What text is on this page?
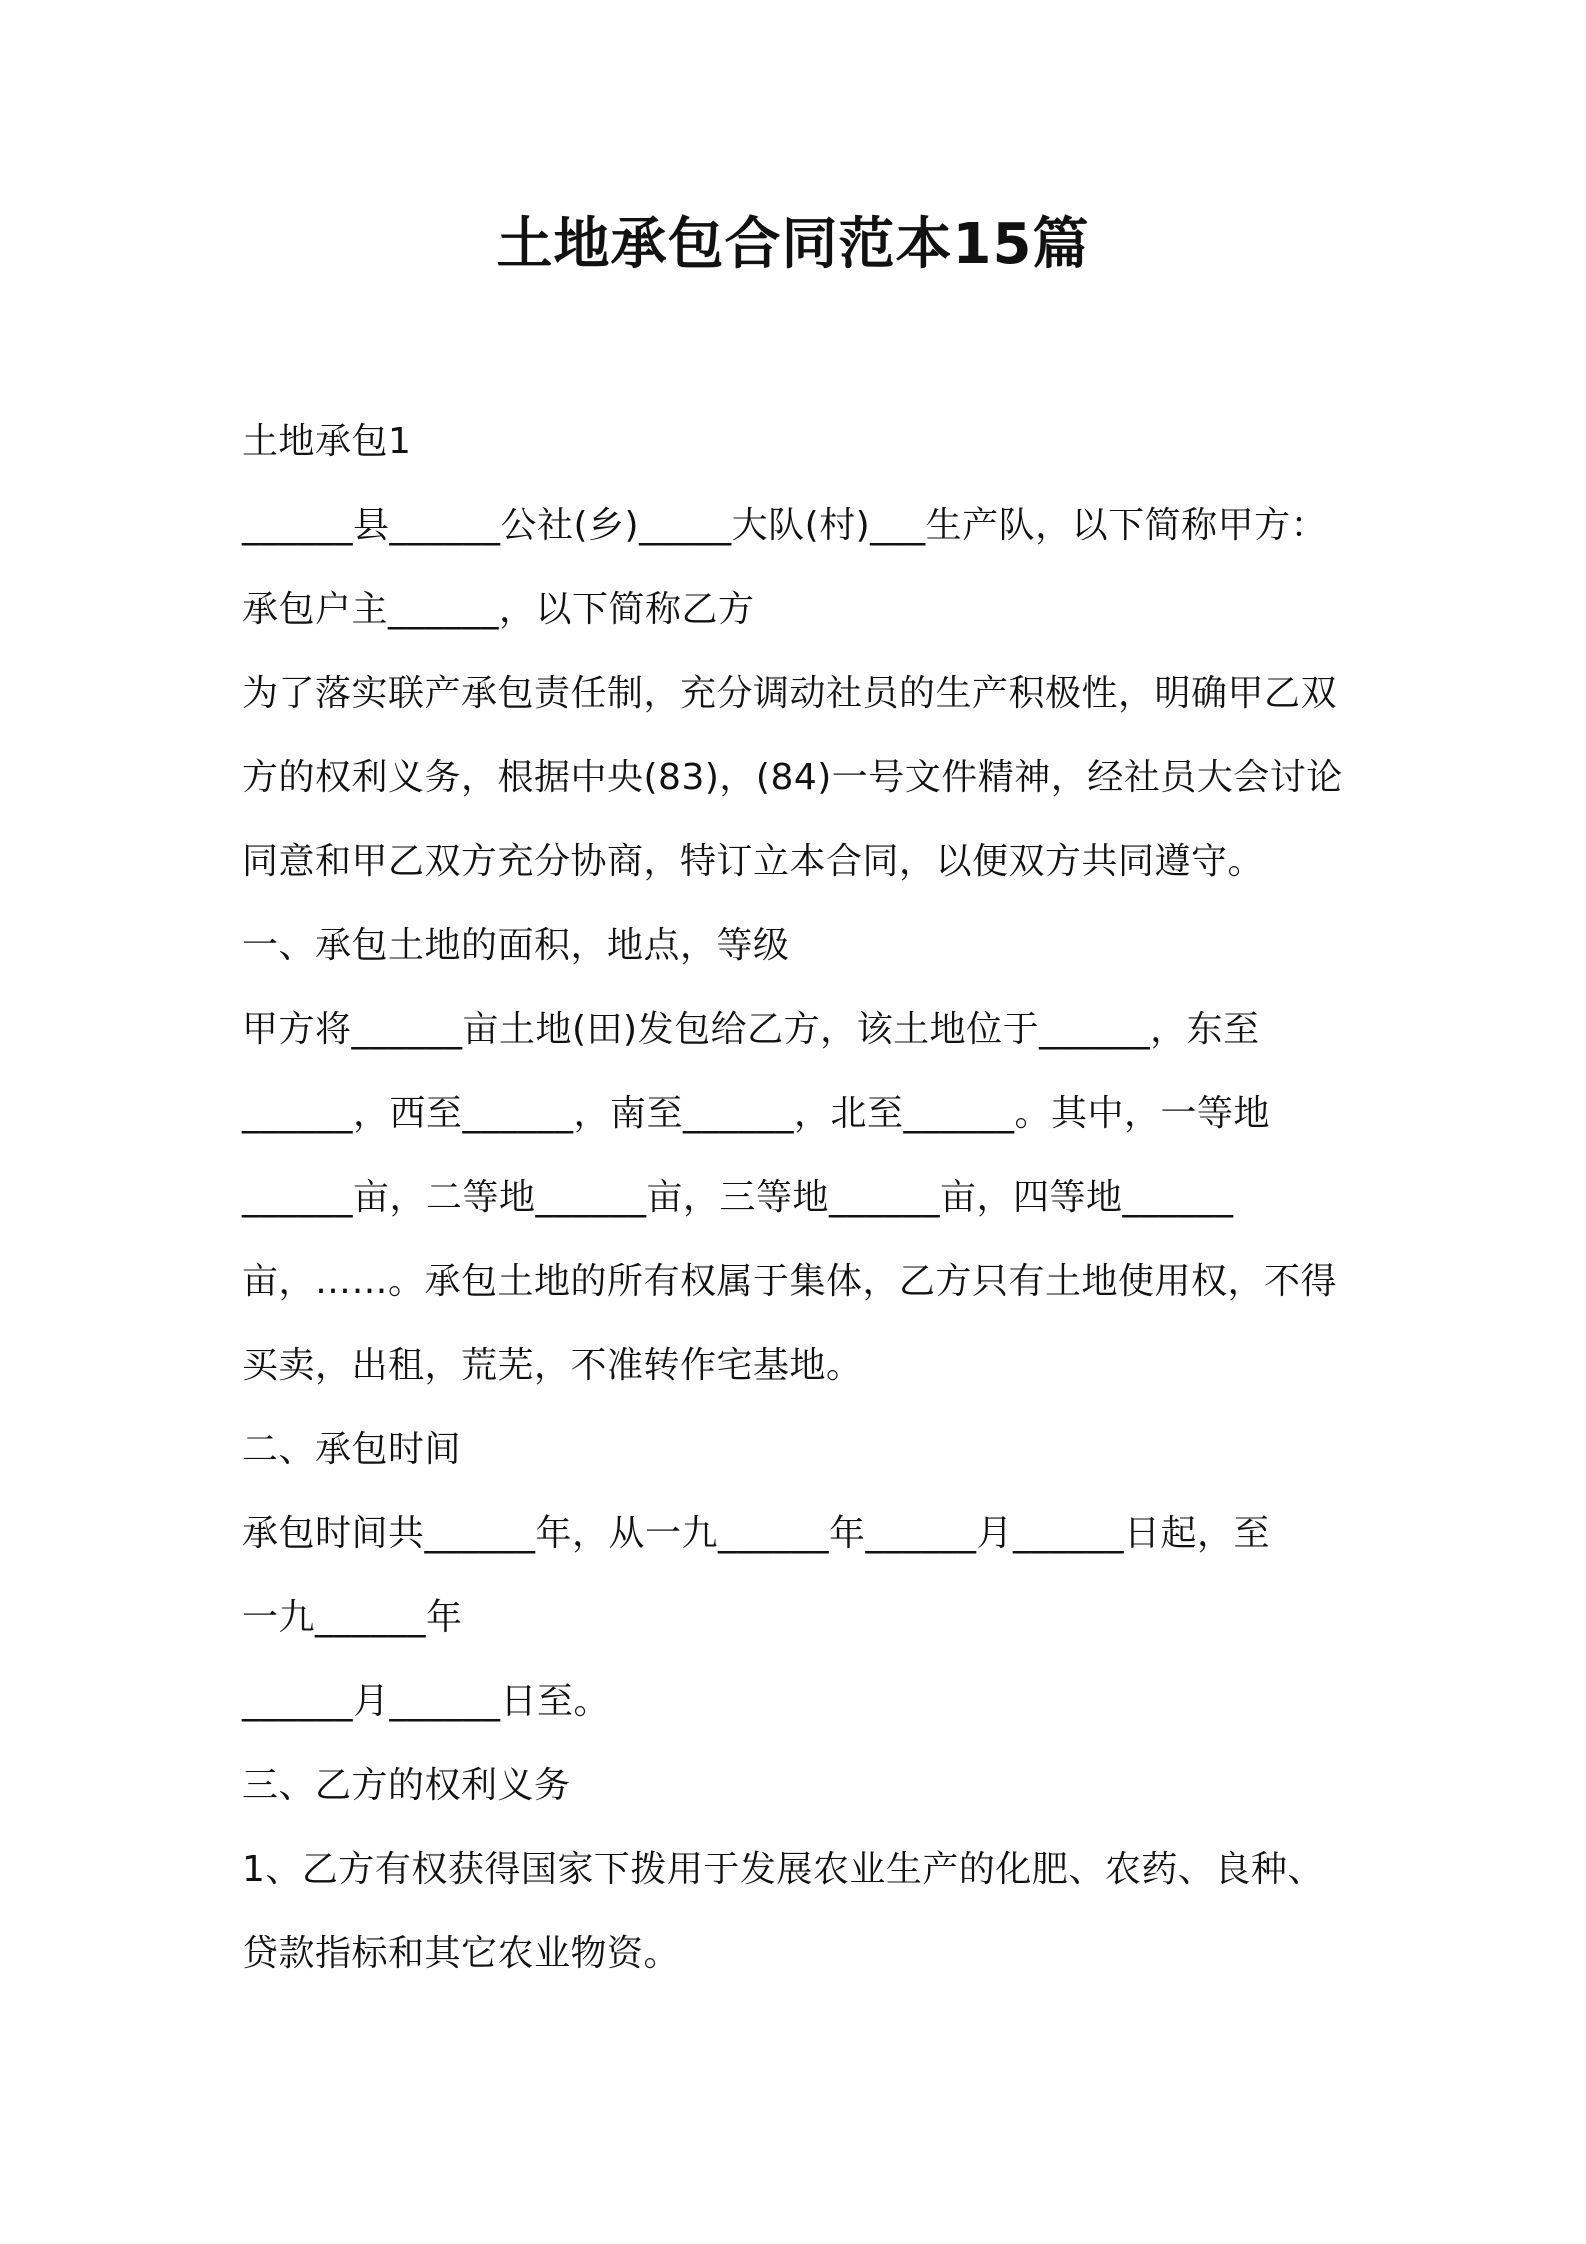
土地承包合同范本15篇

土地承包1

______县______公社(乡)_____大队(村)___生产队，以下简称甲方：

承包户主______，以下简称乙方

为了落实联产承包责任制，充分调动社员的生产积极性，明确甲乙双

方的权利义务，根据中央(83)，(84)一号文件精神，经社员大会讨论

同意和甲乙双方充分协商，特订立本合同，以便双方共同遵守。

一、承包土地的面积，地点，等级

甲方将______亩土地(田)发包给乙方，该土地位于______，东至

______，西至______，南至______，北至______。其中，一等地

______亩，二等地______亩，三等地______亩，四等地______

亩，……。承包土地的所有权属于集体，乙方只有土地使用权，不得

买卖，出租，荒芜，不准转作宅基地。

二、承包时间

承包时间共______年，从一九______年______月______日起，至

一九______年

______月______日至。

三、乙方的权利义务

1、乙方有权获得国家下拨用于发展农业生产的化肥、农药、良种、

贷款指标和其它农业物资。
